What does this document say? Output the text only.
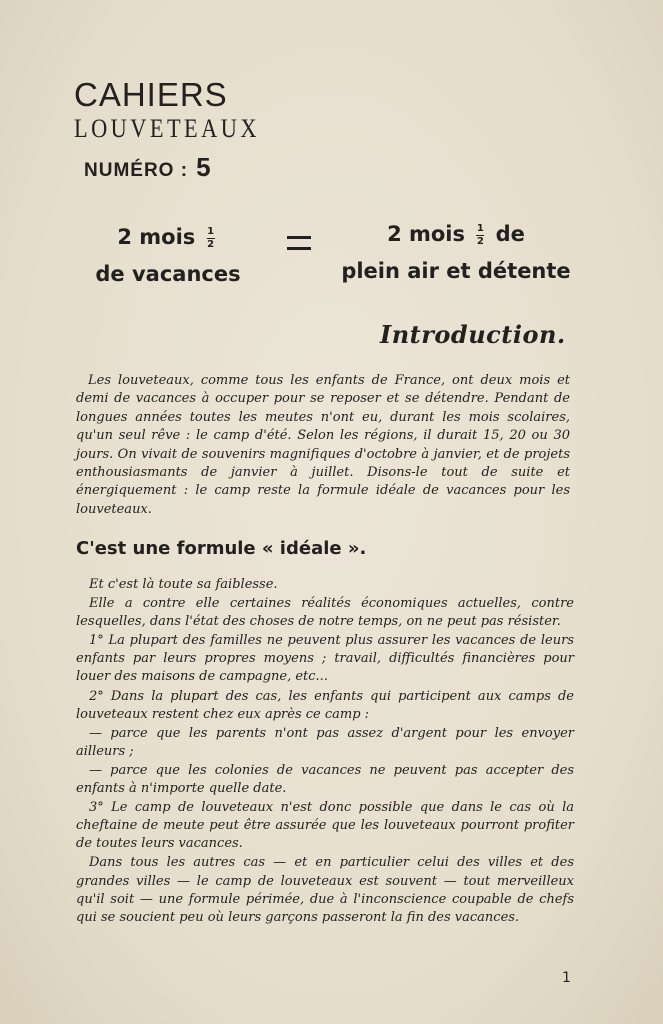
CAHIERS
LOUVETEAUX
NUMÉRO : 5
2 mois $\frac{1}{2}$
de vacances
2 mois $\frac{1}{2}$ de
plein air et détente
Introduction.

Les louveteaux, comme tous les enfants de France, ont deux mois et demi de vacances à occuper pour se reposer et se détendre. Pendant de longues années toutes les meutes n'ont eu, durant les mois scolaires, qu'un seul rêve : le camp d'été. Selon les régions, il durait 15, 20 ou 30 jours. On vivait de souvenirs magnifiques d'octobre à janvier, et de projets enthousiasmants de janvier à juillet. Disons-le tout de suite et énergiquement : le camp reste la formule idéale de vacances pour les louveteaux.

C'est une formule « idéale ».

Et c'est là toute sa faiblesse.

Elle a contre elle certaines réalités économiques actuelles, contre lesquelles, dans l'état des choses de notre temps, on ne peut pas résister.

1° La plupart des familles ne peuvent plus assurer les vacances de leurs enfants par leurs propres moyens ; travail, difficultés financières pour louer des maisons de campagne, etc...

2° Dans la plupart des cas, les enfants qui participent aux camps de louveteaux restent chez eux après ce camp :

— parce que les parents n'ont pas assez d'argent pour les envoyer ailleurs ;

— parce que les colonies de vacances ne peuvent pas accepter des enfants à n'importe quelle date.

3° Le camp de louveteaux n'est donc possible que dans le cas où la cheftaine de meute peut être assurée que les louveteaux pourront profiter de toutes leurs vacances.

Dans tous les autres cas — et en particulier celui des villes et des grandes villes — le camp de louveteaux est souvent — tout merveilleux qu'il soit — une formule périmée, due à l'inconscience coupable de chefs qui se soucient peu où leurs garçons passeront la fin des vacances.

1
